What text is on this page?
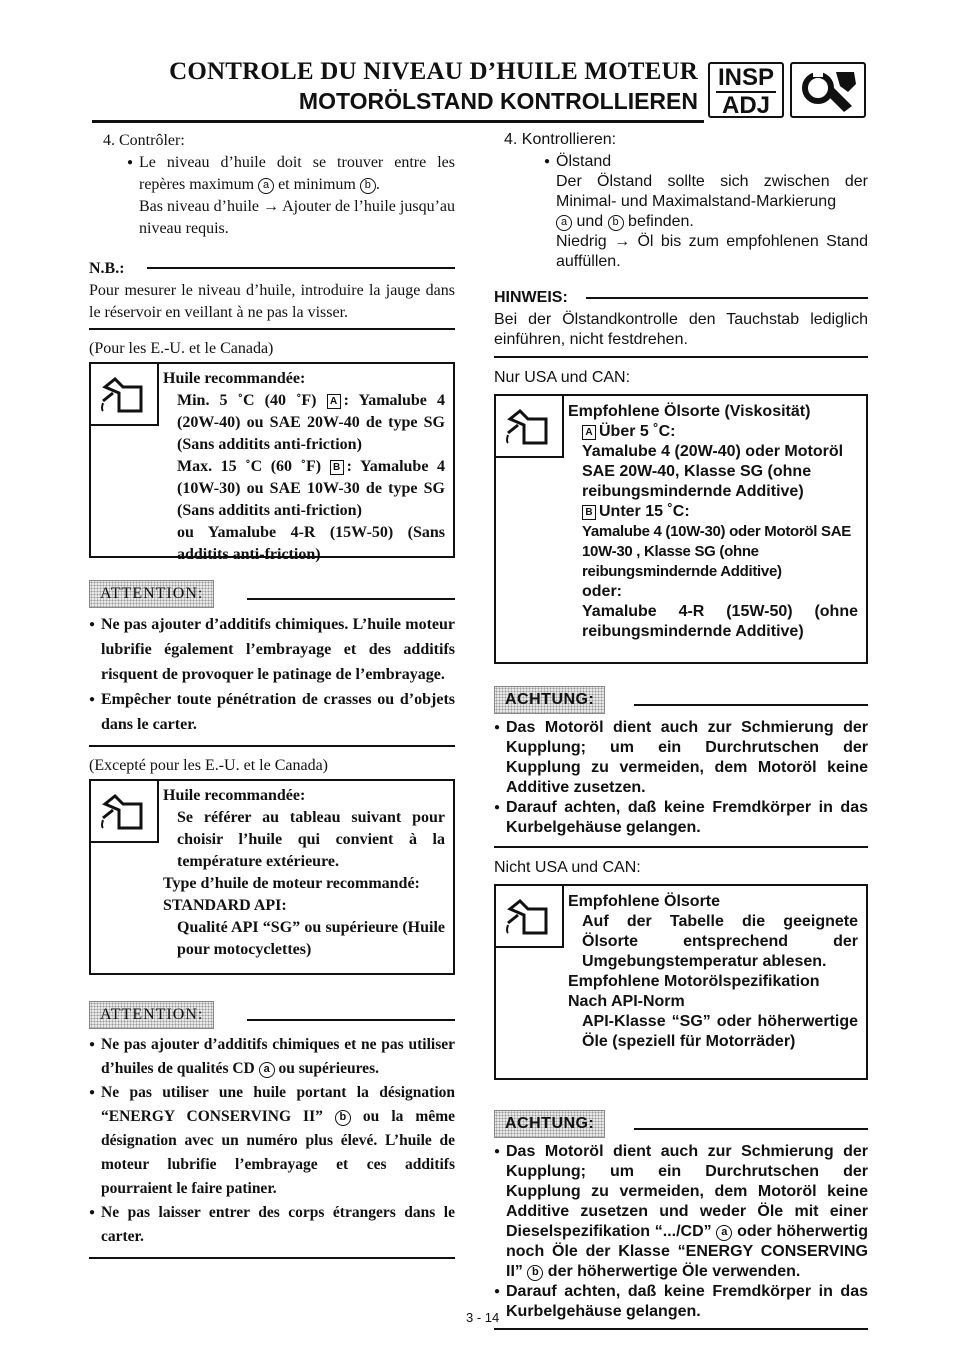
CONTROLE DU NIVEAU D’HUILE MOTEUR
MOTORÖLSTAND KONTROLLIEREN
INSP
ADJ

4. Contrôler:

● Le niveau d’huile doit se trouver entre les repères maximum a et minimum b .

Bas niveau d’huile → Ajouter de l’huile jusqu’au niveau requis.

N.B.:

Pour mesurer le niveau d’huile, introduire la jauge dans le réservoir en veillant à ne pas la visser.

(Pour les E.-U. et le Canada)

Huile recommandée:
Min. 5 ˚C (40 ˚F) A : Yamalube 4 (20W-40) ou SAE 20W-40 de type SG (Sans additits anti-friction)
Max. 15 ˚C (60 ˚F) B : Yamalube 4 (10W-30) ou SAE 10W-30 de type SG (Sans additits anti-friction)
ou Yamalube 4-R (15W-50) (Sans additits anti-friction)
ATTENTION:
● Ne pas ajouter d’additifs chimiques. L’huile moteur lubrifie également l’embrayage et des additifs risquent de provoquer le patinage de l’embrayage.
● Empêcher toute pénétration de crasses ou d’objets dans le carter.

(Excepté pour les E.-U. et le Canada)

Huile recommandée:
Se référer au tableau suivant pour choisir l’huile qui convient à la température extérieure.
Type d’huile de moteur recommandé:
STANDARD API:
Qualité API “SG” ou supérieure (Huile pour motocyclettes)
ATTENTION:
● Ne pas ajouter d’additifs chimiques et ne pas utiliser d’huiles de qualités CD a ou supérieures.
● Ne pas utiliser une huile portant la désignation “ENERGY CONSERVING II” b ou la même désignation avec un numéro plus élevé. L’huile de moteur lubrifie l’embrayage et ces additifs pourraient le faire patiner.
● Ne pas laisser entrer des corps étrangers dans le carter.

4. Kontrollieren:

● Ölstand
Der Ölstand sollte sich zwischen der Minimal- und Maximalstand-Markierung
a und b befinden.

Niedrig → Öl bis zum empfohlenen Stand auffüllen.

HINWEIS:

Bei der Ölstandkontrolle den Tauchstab lediglich einführen, nicht festdrehen.

Nur USA und CAN:

Empfohlene Ölsorte (Viskosität)
A Über 5 ˚C:
Yamalube 4 (20W-40) oder Motoröl SAE 20W-40, Klasse SG (ohne reibungsmindernde Additive)
B Unter 15 ˚C:
Yamalube 4 (10W-30) oder Motoröl SAE 10W-30 , Klasse SG (ohne reibungsmindernde Additive)
oder:
Yamalube 4-R (15W-50) (ohne reibungsmindernde Additive)
ACHTUNG:
● Das Motoröl dient auch zur Schmierung der Kupplung; um ein Durchrutschen der Kupplung zu vermeiden, dem Motoröl keine Additive zusetzen.
● Darauf achten, daß keine Fremdkörper in das Kurbelgehäuse gelangen.

Nicht USA und CAN:

Empfohlene Ölsorte
Auf der Tabelle die geeignete Ölsorte entsprechend der Umgebungstemperatur ablesen.
Empfohlene Motorölspezifikation
Nach API-Norm
API-Klasse “SG” oder höherwertige Öle (speziell für Motorräder)
ACHTUNG:
● Das Motoröl dient auch zur Schmierung der Kupplung; um ein Durchrutschen der Kupplung zu vermeiden, dem Motoröl keine Additive zusetzen und weder Öle mit einer Dieselspezifikation “.../CD” a oder höherwertig noch Öle der Klasse “ENERGY CONSERVING II” b der höherwertige Öle verwenden.
● Darauf achten, daß keine Fremdkörper in das Kurbelgehäuse gelangen.
3 - 14
